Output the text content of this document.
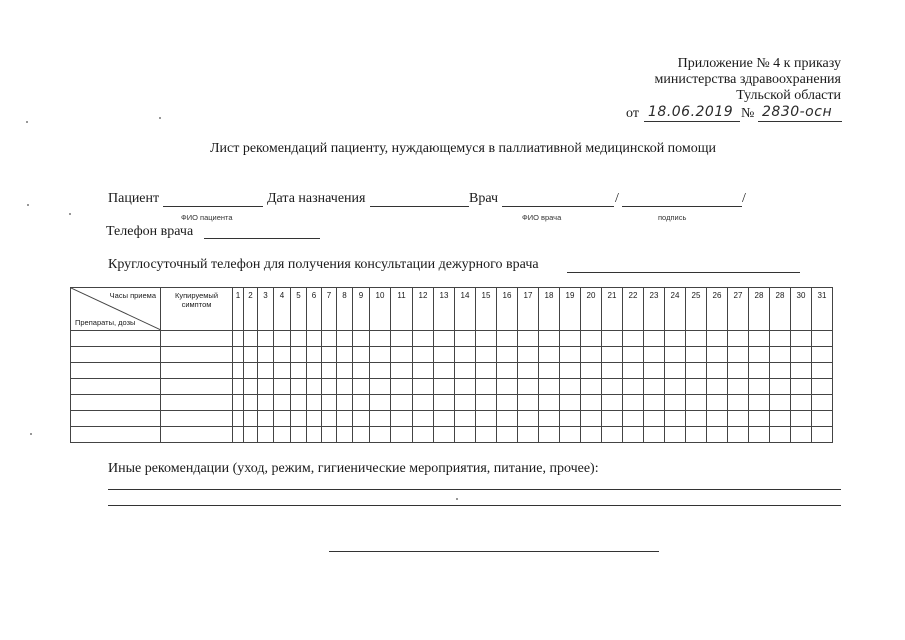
Приложение № 4 к приказу
министерства здравоохранения
Тульской области
от 18.06.2019 № 2830-осн
Лист рекомендаций пациенту, нуждающемуся в паллиативной медицинской помощи
Пациент	Дата назначения	Врач	/	/
ФИО пациента	ФИО врача	подпись
Телефон врача
Круглосуточный телефон для получения консультации дежурного врача
Часы приема
Препараты, дозы	Купируемый симптом	1	2	3	4	5	6	7	8	9	10	11	12	13	14	15	16	17	18	19	20	21	22	23	24	25	26	27	28	28	30	31

Иные рекомендации (уход, режим, гигиенические мероприятия, питание, прочее):
